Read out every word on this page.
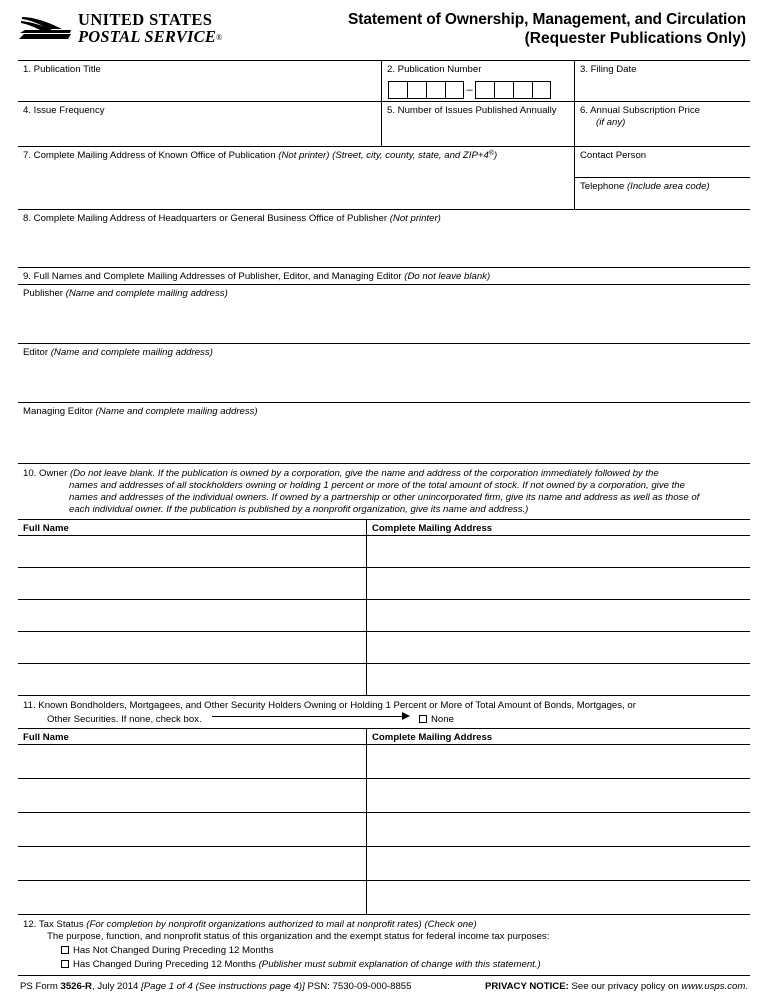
UNITED STATES
POSTAL SERVICE®
Statement of Ownership, Management, and Circulation
(Requester Publications Only)
1. Publication Title	2. Publication Number
–
3. Filing Date
4. Issue Frequency	5. Number of Issues Published Annually	6. Annual Subscription Price
(if any)
7. Complete Mailing Address of Known Office of Publication (Not printer) (Street, city, county, state, and ZIP+4®)	Contact Person
Telephone (Include area code)
8. Complete Mailing Address of Headquarters or General Business Office of Publisher (Not printer)
9. Full Names and Complete Mailing Addresses of Publisher, Editor, and Managing Editor (Do not leave blank)
Publisher (Name and complete mailing address)
Editor (Name and complete mailing address)
Managing Editor (Name and complete mailing address)
10. Owner (Do not leave blank. If the publication is owned by a corporation, give the name and address of the corporation immediately followed by the
names and addresses of all stockholders owning or holding 1 percent or more of the total amount of stock. If not owned by a corporation, give the
names and addresses of the individual owners. If owned by a partnership or other unincorporated firm, give its name and address as well as those of
each individual owner. If the publication is published by a nonprofit organization, give its name and address.)
Full Name	Complete Mailing Address
11. Known Bondholders, Mortgagees, and Other Security Holders Owning or Holding 1 Percent or More of Total Amount of Bonds, Mortgages, or
Other Securities. If none, check box.	None
Full Name	Complete Mailing Address
12. Tax Status (For completion by nonprofit organizations authorized to mail at nonprofit rates) (Check one)
The purpose, function, and nonprofit status of this organization and the exempt status for federal income tax purposes:
Has Not Changed During Preceding 12 Months
Has Changed During Preceding 12 Months (Publisher must submit explanation of change with this statement.)
PS Form 3526-R, July 2014 [Page 1 of 4 (See instructions page 4)] PSN: 7530-09-000-8855	PRIVACY NOTICE: See our privacy policy on www.usps.com.
